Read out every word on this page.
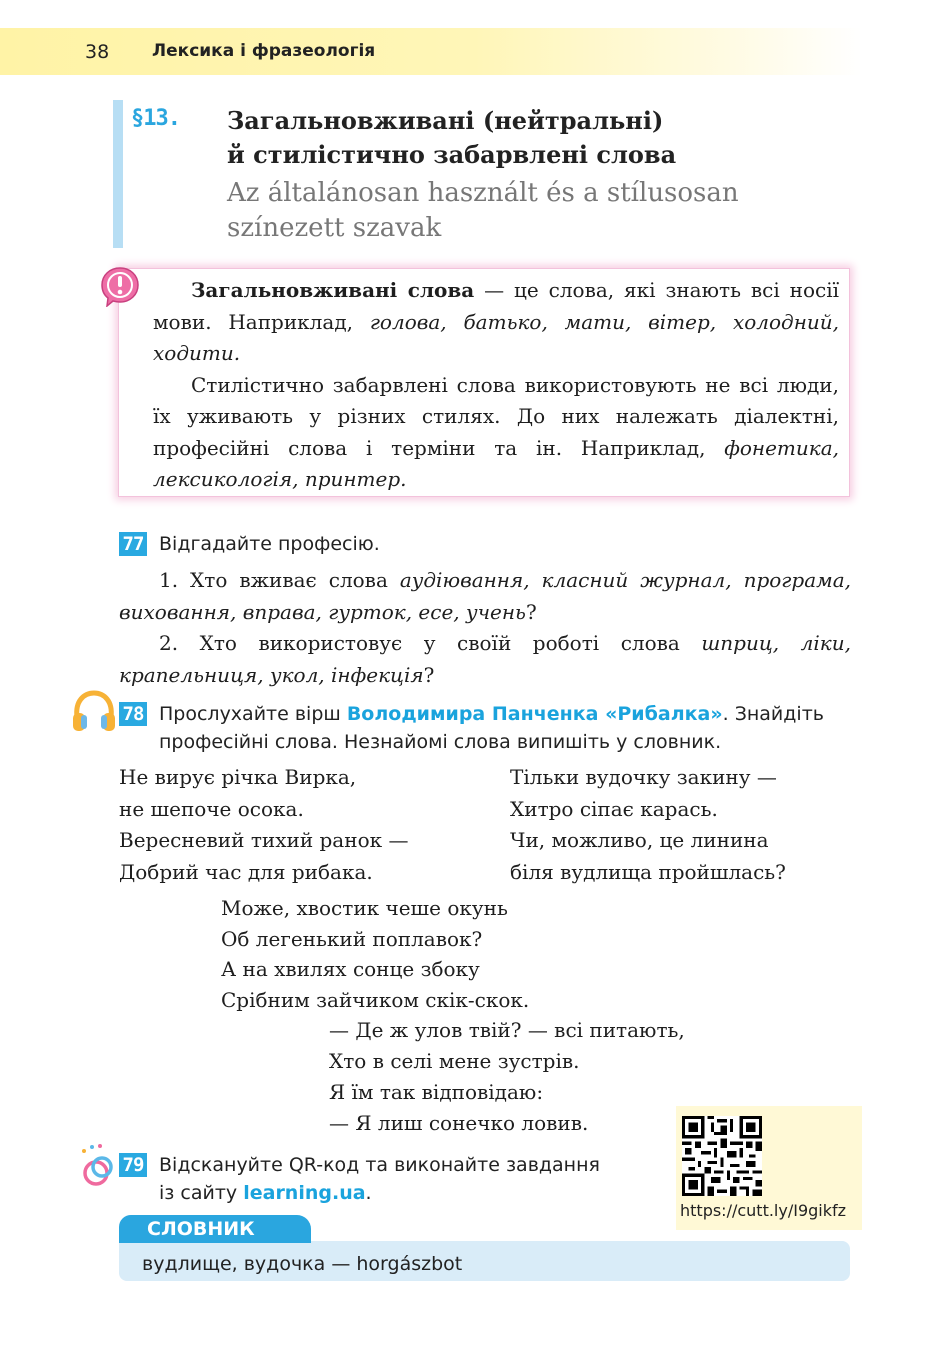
38	Лексика і фразеологія
§13. Загальновживані (нейтральні)
й стилістично забарвлені слова
Az általánosan használt és a stílusosan
színezett szavak

Загальновживані слова — це слова, які знають всі носії мови. Наприклад, голова, батько, мати, вітер, холодний, ходити.

Стилістично забарвлені слова використовують не всі люди, їх уживають у різних стилях. До них належать діалектні, професійні слова і терміни та ін. Наприклад, фонетика, лексикологія, принтер.

77 Відгадайте професію.

1. Хто вживає слова аудіювання, класний журнал, програма, виховання, вправа, гурток, есе, учень?

2. Хто використовує у своїй роботі слова шприц, ліки, крапельниця, укол, інфекція?

78 Прослухайте вірш Володимира Панченка «Рибалка». Знайдіть
професійні слова. Незнайомі слова випишіть у словник.
Не вирує річка Вирка,
не шепоче осока.
Вересневий тихий ранок —
Добрий час для рибака.
Тільки вудочку закину —
Хитро сіпає карась.
Чи, можливо, це линина
біля вудлища пройшлась?
Може, хвостик чеше окунь
Об легенький поплавок?
А на хвилях сонце збоку
Срібним зайчиком скік-скок.
— Де ж улов твій? — всі питають,
Хто в селі мене зустрів.
Я їм так відповідаю:
— Я лиш сонечко ловив.
https://cutt.ly/I9gikfz
79 Відскануйте QR-код та виконайте завдання
із сайту learning.ua.
СЛОВНИК
вудлище, вудочка — horgászbot
